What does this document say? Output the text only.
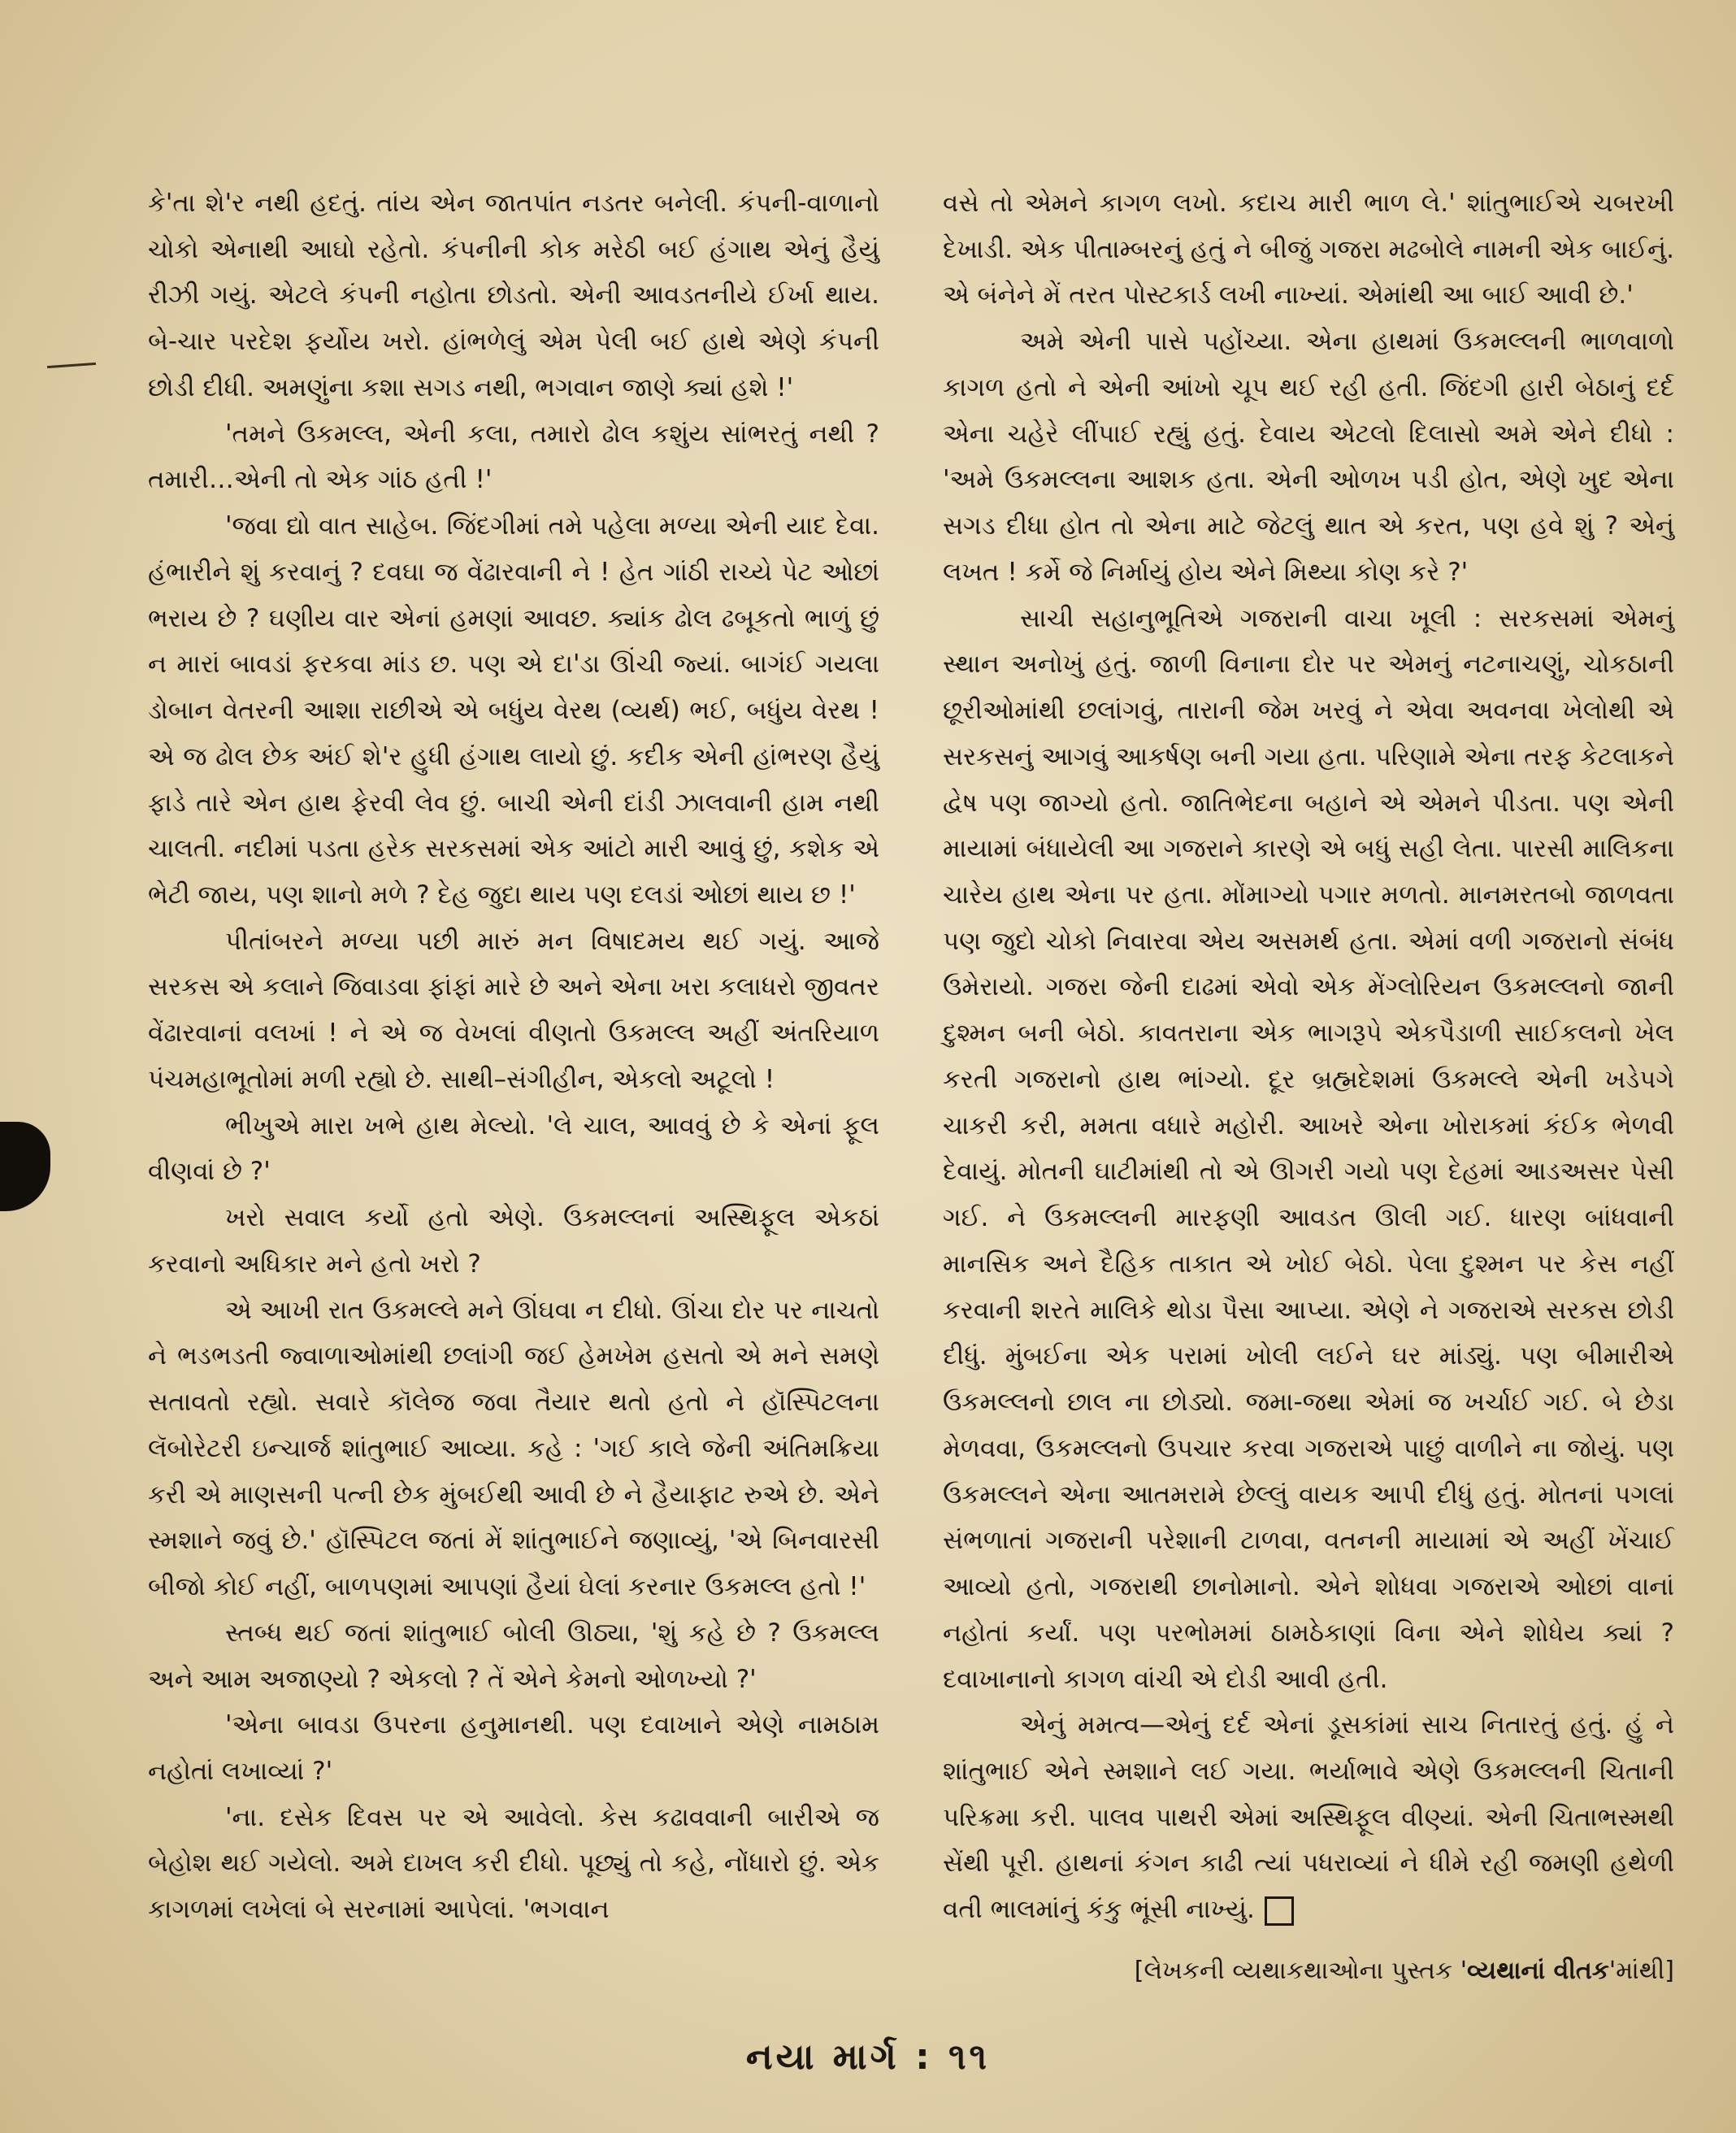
કે'તા શે'ર નથી હદતું. તાંય એન જાતપાંત નડતર બનેલી. કંપની-વાળાનો ચોકો એનાથી આઘો રહેતો. કંપનીની કોક મરેઠી બઈ હંગાથ એનું હૈયું રીઝી ગયું. એટલે કંપની નહોતા છોડતો. એની આવડતનીયે ઈર્ખા થાય. બે-ચાર પરદેશ ફર્યોય ખરો. હાંભળેલું એમ પેલી બઈ હાથે એણે કંપની છોડી દીધી. અમણુંના કશા સગડ નથી, ભગવાન જાણે ક્યાં હશે !'

'તમને ઉકમલ્લ, એની કલા, તમારો ઢોલ કશુંય સાંભરતું નથી ? તમારી…એની તો એક ગાંઠ હતી !'

'જવા દ્યો વાત સાહેબ. જિંદગીમાં તમે પહેલા મળ્યા એની યાદ દેવા. હંભારીને શું કરવાનું ? દવઘા જ વેંઢારવાની ને ! હેત ગાંઠી રાચ્યે પેટ ઓછાં ભરાય છે ? ઘણીય વાર એનાં હમણાં આવછ. ક્યાંક ઢોલ ઢબૂકતો ભાળું છું ન મારાં બાવડાં ફરકવા માંડ છ. પણ એ દા'ડા ઊંચી જ્યાં. બાગંઈ ગયલા ડોબાન વેતરની આશા રાછીએ એ બધુંય વેરથ (વ્યર્થ) ભઈ, બધુંય વેરથ ! એ જ ઢોલ છેક અંઈ શે'ર હુધી હંગાથ લાયો છું. કદીક એની હાંભરણ હૈયું ફાડે તારે એન હાથ ફેરવી લેવ છું. બાચી એની દાંડી ઝાલવાની હામ નથી ચાલતી. નદીમાં પડતા હરેક સરકસમાં એક આંટો મારી આવું છું, કશેક એ ભેટી જાય, પણ શાનો મળે ? દેહ જુદા થાય પણ દલડાં ઓછાં થાય છ !'

પીતાંબરને મળ્યા પછી મારું મન વિષાદમય થઈ ગયું. આજે સરકસ એ કલાને જિવાડવા ફાંફાં મારે છે અને એના ખરા કલાધરો જીવતર વેંઢારવાનાં વલખાં ! ને એ જ વેખલાં વીણતો ઉકમલ્લ અહીં અંતરિયાળ પંચમહાભૂતોમાં મળી રહ્યો છે. સાથી–સંગીહીન, એકલો અટૂલો !

ભીખુએ મારા ખભે હાથ મેલ્યો. 'લે ચાલ, આવવું છે કે એનાં ફૂલ વીણવાં છે ?'

ખરો સવાલ કર્યો હતો એણે. ઉકમલ્લનાં અસ્થિફૂલ એકઠાં કરવાનો અધિકાર મને હતો ખરો ?

એ આખી રાત ઉકમલ્લે મને ઊંઘવા ન દીધો. ઊંચા દોર પર નાચતો ને ભડભડતી જ્વાળાઓમાંથી છલાંગી જઈ હેમખેમ હસતો એ મને સમણે સતાવતો રહ્યો. સવારે કૉલેજ જવા તૈયાર થતો હતો ને હૉસ્પિટલના લૅબોરેટરી ઇન્ચાર્જ શાંતુભાઈ આવ્યા. કહે : 'ગઈ કાલે જેની અંતિમક્રિયા કરી એ માણસની પત્ની છેક મુંબઈથી આવી છે ને હૈયાફાટ રુએ છે. એને સ્મશાને જવું છે.' હૉસ્પિટલ જતાં મેં શાંતુભાઈને જણાવ્યું, 'એ બિનવારસી બીજો કોઈ નહીં, બાળપણમાં આપણાં હૈયાં ઘેલાં કરનાર ઉકમલ્લ હતો !'

સ્તબ્ધ થઈ જતાં શાંતુભાઈ બોલી ઊઠ્યા, 'શું કહે છે ? ઉકમલ્લ અને આમ અજાણ્યો ? એકલો ? તેં એને કેમનો ઓળખ્યો ?'

'એના બાવડા ઉપરના હનુમાનથી. પણ દવાખાને એણે નામઠામ નહોતાં લખાવ્યાં ?'

'ના. દસેક દિવસ પર એ આવેલો. કેસ કઢાવવાની બારીએ જ બેહોશ થઈ ગયેલો. અમે દાખલ કરી દીધો. પૂછ્યું તો કહે, નોંધારો છું. એક કાગળમાં લખેલાં બે સરનામાં આપેલાં. 'ભગવાન

વસે તો એમને કાગળ લખો. કદાચ મારી ભાળ લે.' શાંતુભાઈએ ચબરખી દેખાડી. એક પીતામ્બરનું હતું ને બીજું ગજરા મઢબોલે નામની એક બાઈનું. એ બંનેને મેં તરત પોસ્ટકાર્ડ લખી નાખ્યાં. એમાંથી આ બાઈ આવી છે.'

અમે એની પાસે પહોંચ્યા. એના હાથમાં ઉકમલ્લની ભાળવાળો કાગળ હતો ને એની આંખો ચૂપ થઈ રહી હતી. જિંદગી હારી બેઠાનું દર્દ એના ચહેરે લીંપાઈ રહ્યું હતું. દેવાય એટલો દિલાસો અમે એને દીધો : 'અમે ઉકમલ્લના આશક હતા. એની ઓળખ પડી હોત, એણે ખુદ એના સગડ દીધા હોત તો એના માટે જેટલું થાત એ કરત, પણ હવે શું ? એનું લખત ! કર્મે જે નિર્માયું હોય એને મિથ્યા કોણ કરે ?'

સાચી સહાનુભૂતિએ ગજરાની વાચા ખૂલી : સરકસમાં એમનું સ્થાન અનોખું હતું. જાળી વિનાના દોર પર એમનું નટનાચણું, ચોકઠાની છૂરીઓમાંથી છલાંગવું, તારાની જેમ ખરવું ને એવા અવનવા ખેલોથી એ સરકસનું આગવું આકર્ષણ બની ગયા હતા. પરિણામે એના તરફ કેટલાકને દ્વેષ પણ જાગ્યો હતો. જાતિભેદના બહાને એ એમને પીડતા. પણ એની માયામાં બંધાયેલી આ ગજરાને કારણે એ બધું સહી લેતા. પારસી માલિકના ચારેય હાથ એના પર હતા. મોંમાગ્યો પગાર મળતો. માનમરતબો જાળવતા પણ જુદો ચોકો નિવારવા એય અસમર્થ હતા. એમાં વળી ગજરાનો સંબંધ ઉમેરાયો. ગજરા જેની દાઢમાં એવો એક મેંગ્લોરિયન ઉકમલ્લનો જાની દુશ્મન બની બેઠો. કાવતરાના એક ભાગરૂપે એકપૈડાળી સાઈકલનો ખેલ કરતી ગજરાનો હાથ ભાંગ્યો. દૂર બ્રહ્મદેશમાં ઉકમલ્લે એની ખડેપગે ચાકરી કરી, મમતા વધારે મહોરી. આખરે એના ખોરાકમાં કંઈક ભેળવી દેવાયું. મોતની ઘાટીમાંથી તો એ ઊગરી ગયો પણ દેહમાં આડઅસર પેસી ગઈ. ને ઉકમલ્લની મારફણી આવડત ઊલી ગઈ. ધારણ બાંધવાની માનસિક અને દૈહિક તાકાત એ ખોઈ બેઠો. પેલા દુશ્મન પર કેસ નહીં કરવાની શરતે માલિકે થોડા પૈસા આપ્યા. એણે ને ગજરાએ સરકસ છોડી દીધું. મુંબઈના એક પરામાં ખોલી લઈને ઘર માંડ્યું. પણ બીમારીએ ઉકમલ્લનો છાલ ના છોડ્યો. જમા-જથા એમાં જ ખર્ચાઈ ગઈ. બે છેડા મેળવવા, ઉકમલ્લનો ઉપચાર કરવા ગજરાએ પાછું વાળીને ના જોયું. પણ ઉકમલ્લને એના આતમરામે છેલ્લું વાયક આપી દીધું હતું. મોતનાં પગલાં સંભળાતાં ગજરાની પરેશાની ટાળવા, વતનની માયામાં એ અહીં ખેંચાઈ આવ્યો હતો, ગજરાથી છાનોમાનો. એને શોધવા ગજરાએ ઓછાં વાનાં નહોતાં કર્યાં. પણ પરભોમમાં ઠામઠેકાણાં વિના એને શોધેય ક્યાં ? દવાખાનાનો કાગળ વાંચી એ દોડી આવી હતી.

એનું મમત્વ—એનું દર્દ એનાં ડૂસકાંમાં સાચ નિતારતું હતું. હું ને શાંતુભાઈ એને સ્મશાને લઈ ગયા. ભર્યાભાવે એણે ઉકમલ્લની ચિતાની પરિક્રમા કરી. પાલવ પાથરી એમાં અસ્થિફૂલ વીણ્યાં. એની ચિતાભસ્મથી સેંથી પૂરી. હાથનાં કંગન કાઢી ત્યાં પધરાવ્યાં ને ધીમે રહી જમણી હથેળી વતી ભાલમાંનું કંકુ ભૂંસી નાખ્યું.

[લેખકની વ્યથાકથાઓના પુસ્તક 'વ્યથાનાં વીતક'માંથી]
નયા માર્ગ : ૧૧
